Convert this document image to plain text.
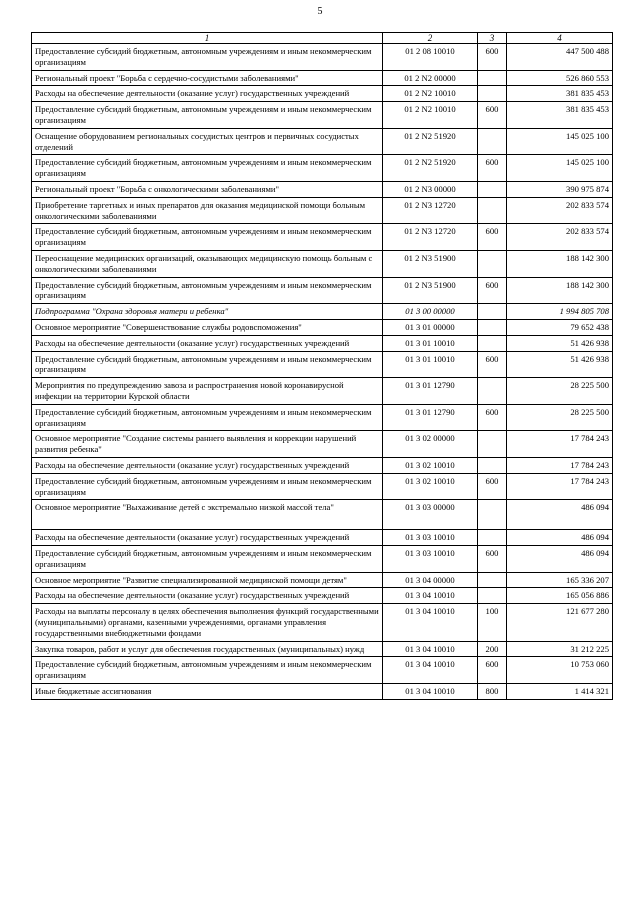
5
1	2	3	4
Предоставление субсидий бюджетным, автономным учреждениям и иным некоммерческим организациям	01 2 08 10010	600	447 500 488
Региональный проект "Борьба с сердечно-сосудистыми заболеваниями"	01 2 N2 00000		526 860 553
Расходы на обеспечение деятельности (оказание услуг) государственных учреждений	01 2 N2 10010		381 835 453
Предоставление субсидий бюджетным, автономным учреждениям и иным некоммерческим организациям	01 2 N2 10010	600	381 835 453
Оснащение оборудованием региональных сосудистых центров и первичных сосудистых отделений	01 2 N2 51920		145 025 100
Предоставление субсидий бюджетным, автономным учреждениям и иным некоммерческим организациям	01 2 N2 51920	600	145 025 100
Региональный проект "Борьба с онкологическими заболеваниями"	01 2 N3 00000		390 975 874
Приобретение таргетных и иных препаратов для оказания медицинской помощи больным онкологическими заболеваниями	01 2 N3 12720		202 833 574
Предоставление субсидий бюджетным, автономным учреждениям и иным некоммерческим организациям	01 2 N3 12720	600	202 833 574
Переоснащение медицинских организаций, оказывающих медицинскую помощь больным с онкологическими заболеваниями	01 2 N3 51900		188 142 300
Предоставление субсидий бюджетным, автономным учреждениям и иным некоммерческим организациям	01 2 N3 51900	600	188 142 300
Подпрограмма "Охрана здоровья матери и ребенка"	01 3 00 00000		1 994 805 708
Основное мероприятие "Совершенствование службы родовспоможения"	01 3 01 00000		79 652 438
Расходы на обеспечение деятельности (оказание услуг) государственных учреждений	01 3 01 10010		51 426 938
Предоставление субсидий бюджетным, автономным учреждениям и иным некоммерческим организациям	01 3 01 10010	600	51 426 938
Мероприятия по предупреждению завоза и распространения новой коронавирусной инфекции на территории Курской области	01 3 01 12790		28 225 500
Предоставление субсидий бюджетным, автономным учреждениям и иным некоммерческим организациям	01 3 01 12790	600	28 225 500
Основное мероприятие "Создание системы раннего выявления и коррекции нарушений развития ребенка"	01 3 02 00000		17 784 243
Расходы на обеспечение деятельности (оказание услуг) государственных учреждений	01 3 02 10010		17 784 243
Предоставление субсидий бюджетным, автономным учреждениям и иным некоммерческим организациям	01 3 02 10010	600	17 784 243
Основное мероприятие "Выхаживание детей с экстремально низкой массой тела"	01 3 03 00000		486 094
Расходы на обеспечение деятельности (оказание услуг) государственных учреждений	01 3 03 10010		486 094
Предоставление субсидий бюджетным, автономным учреждениям и иным некоммерческим организациям	01 3 03 10010	600	486 094
Основное мероприятие "Развитие специализированной медицинской помощи детям"	01 3 04 00000		165 336 207
Расходы на обеспечение деятельности (оказание услуг) государственных учреждений	01 3 04 10010		165 056 886
Расходы на выплаты персоналу в целях обеспечения выполнения функций государственными (муниципальными) органами, казенными учреждениями, органами управления государственными внебюджетными фондами	01 3 04 10010	100	121 677 280
Закупка товаров, работ и услуг для обеспечения государственных (муниципальных) нужд	01 3 04 10010	200	31 212 225
Предоставление субсидий бюджетным, автономным учреждениям и иным некоммерческим организациям	01 3 04 10010	600	10 753 060
Иные бюджетные ассигнования	01 3 04 10010	800	1 414 321
